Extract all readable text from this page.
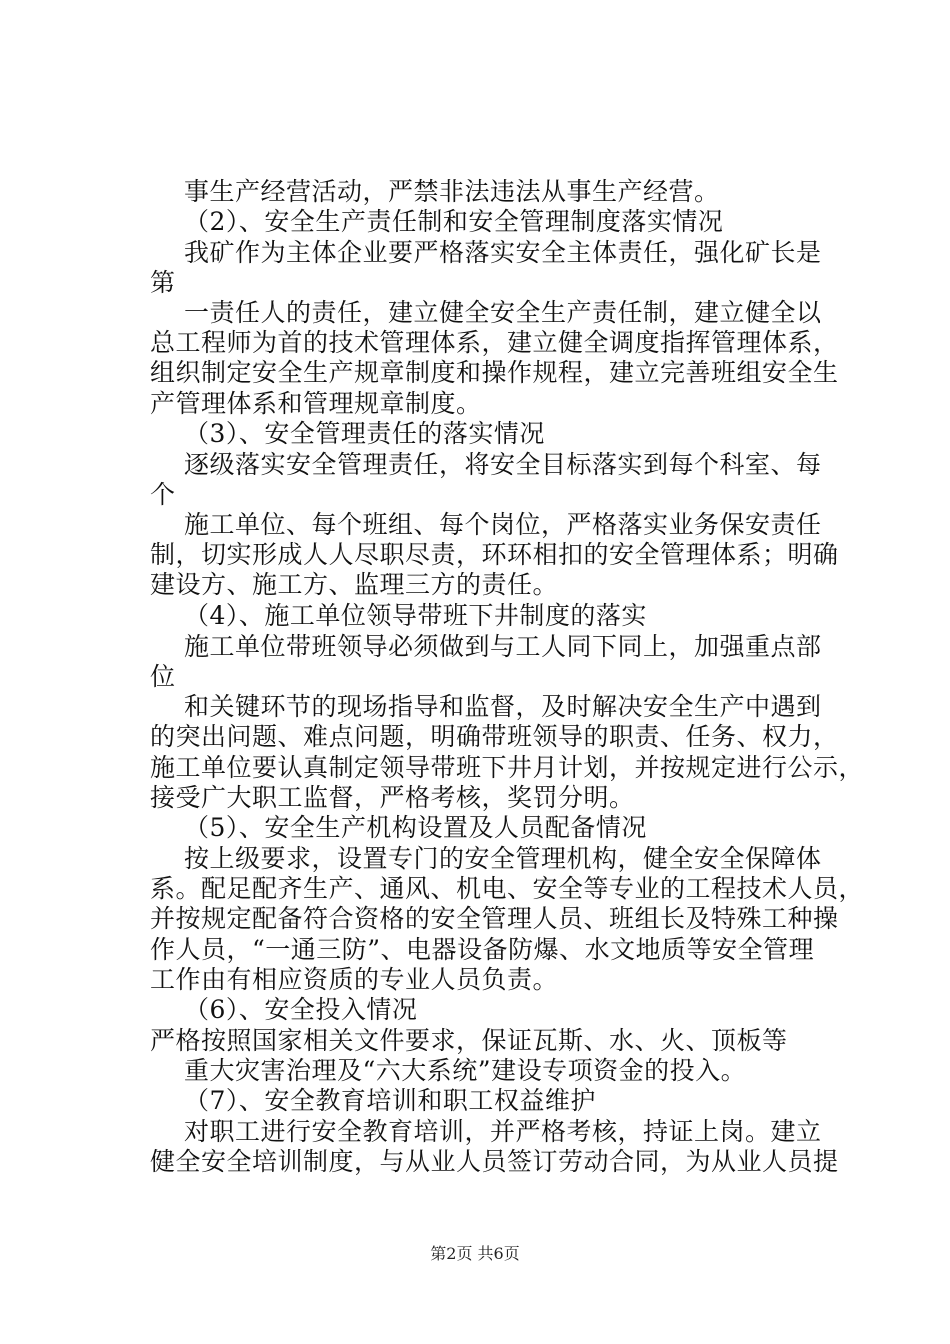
事生产经营活动，严禁非法违法从事生产经营。
（2）、安全生产责任制和安全管理制度落实情况
我矿作为主体企业要严格落实安全主体责任，强化矿长是
第
一责任人的责任，建立健全安全生产责任制，建立健全以
总工程师为首的技术管理体系，建立健全调度指挥管理体系，
组织制定安全生产规章制度和操作规程，建立完善班组安全生
产管理体系和管理规章制度。
（3）、安全管理责任的落实情况
逐级落实安全管理责任，将安全目标落实到每个科室、每
个
施工单位、每个班组、每个岗位，严格落实业务保安责任
制，切实形成人人尽职尽责，环环相扣的安全管理体系；明确
建设方、施工方、监理三方的责任。
（4）、施工单位领导带班下井制度的落实
施工单位带班领导必须做到与工人同下同上，加强重点部
位
和关键环节的现场指导和监督，及时解决安全生产中遇到
的突出问题、难点问题，明确带班领导的职责、任务、权力，
施工单位要认真制定领导带班下井月计划，并按规定进行公示，
接受广大职工监督，严格考核，奖罚分明。
（5）、安全生产机构设置及人员配备情况
按上级要求，设置专门的安全管理机构，健全安全保障体
系。配足配齐生产、通风、机电、安全等专业的工程技术人员，
并按规定配备符合资格的安全管理人员、班组长及特殊工种操
作人员，“一通三防”、电器设备防爆、水文地质等安全管理
工作由有相应资质的专业人员负责。
（6）、安全投入情况
严格按照国家相关文件要求，保证瓦斯、水、火、顶板等
重大灾害治理及“六大系统”建设专项资金的投入。
（7）、安全教育培训和职工权益维护
对职工进行安全教育培训，并严格考核，持证上岗。建立
健全安全培训制度，与从业人员签订劳动合同，为从业人员提
第2页 共6页
